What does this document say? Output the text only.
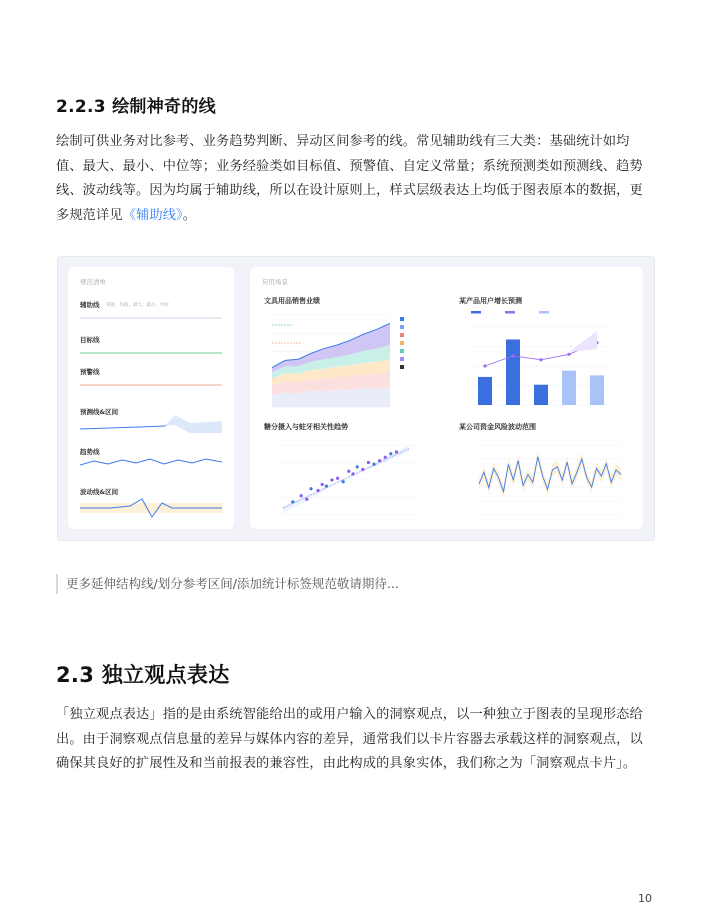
2.2.3 绘制神奇的线
绘制可供业务对比参考、业务趋势判断、异动区间参考的线。常见辅助线有三大类：基础统计如均值、最大、最小、中位等；业务经验类如目标值、预警值、自定义常量；系统预测类如预测线、趋势线、波动线等。因为均属于辅助线，所以在设计原则上，样式层级表达上均低于图表原本的数据，更多规范详见《辅助线》。
规范清单
辅助线 常规、均值、最大、最小、中位
目标线
预警线
预测线&区间
趋势线
波动线&区间
应用场景
文具用品销售业绩	某产品用户增长预测
糖分摄入与蛀牙相关性趋势	某公司资金风险波动范围
更多延伸结构线/划分参考区间/添加统计标签规范敬请期待...
2.3 独立观点表达
「独立观点表达」指的是由系统智能给出的或用户输入的洞察观点，以一种独立于图表的呈现形态给出。由于洞察观点信息量的差异与媒体内容的差异，通常我们以卡片容器去承载这样的洞察观点，以确保其良好的扩展性及和当前报表的兼容性，由此构成的具象实体，我们称之为「洞察观点卡片」。
10
